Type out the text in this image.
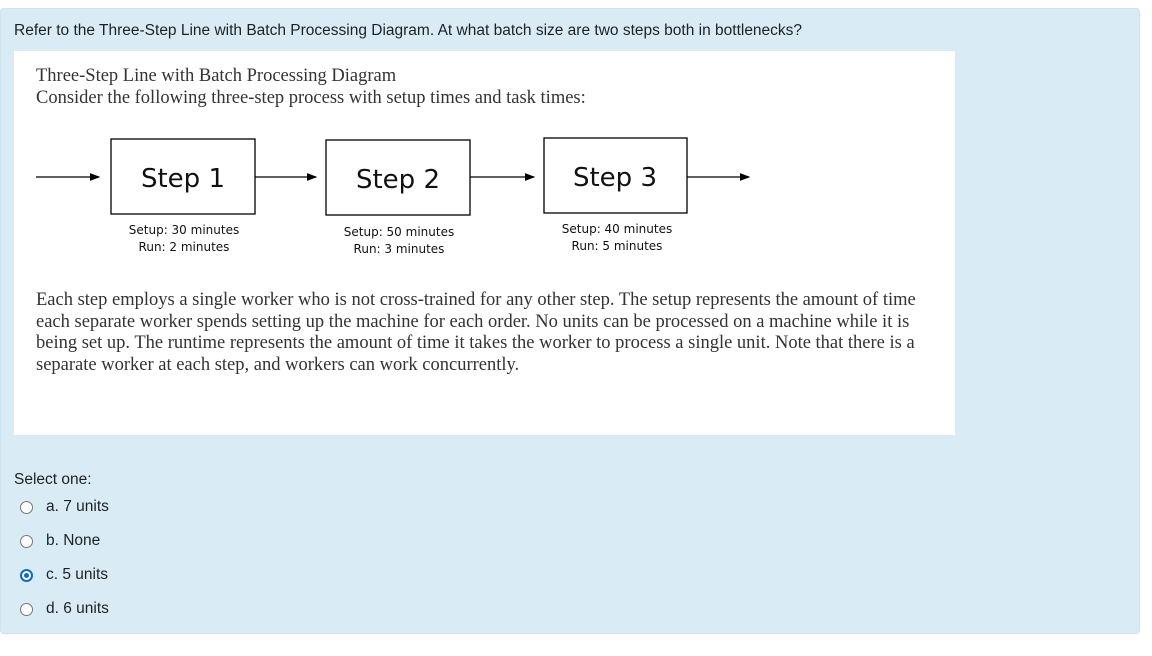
Refer to the Three-Step Line with Batch Processing Diagram. At what batch size are two steps both in bottlenecks?
Three-Step Line with Batch Processing Diagram
Consider the following three-step process with setup times and task times:
Step 1	Step 2	Step 3
Setup: 30 minutes
Run: 2 minutes
Setup: 50 minutes
Run: 3 minutes
Setup: 40 minutes
Run: 5 minutes
Each step employs a single worker who is not cross-trained for any other step. The setup represents the amount of time each separate worker spends setting up the machine for each order. No units can be processed on a machine while it is being set up. The runtime represents the amount of time it takes the worker to process a single unit. Note that there is a separate worker at each step, and workers can work concurrently.
Select one:
a. 7 units
b. None
c. 5 units
d. 6 units
